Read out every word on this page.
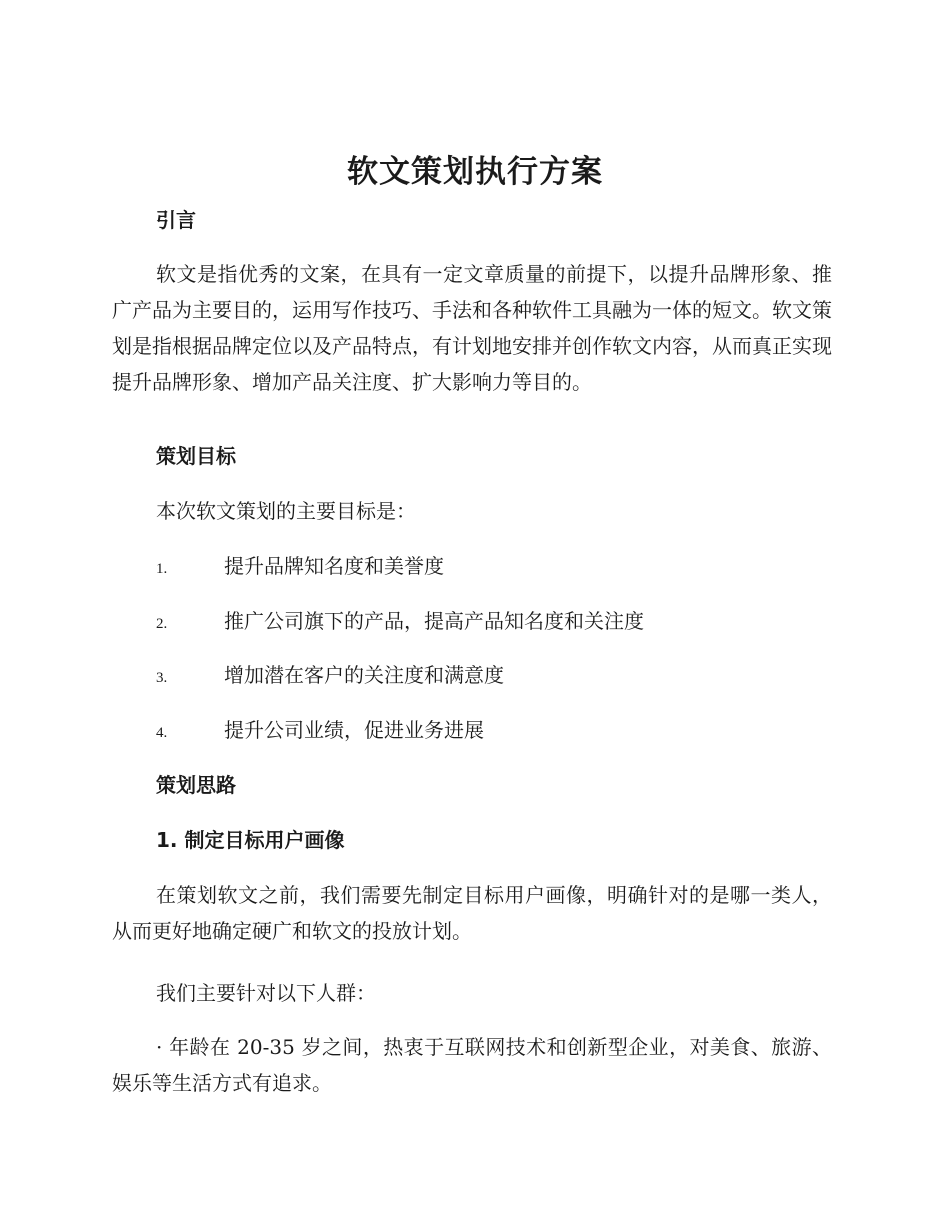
软文策划执行方案
引言
软文是指优秀的文案，在具有一定文章质量的前提下，以提升品牌形象、推广产品为主要目的，运用写作技巧、手法和各种软件工具融为一体的短文。软文策划是指根据品牌定位以及产品特点，有计划地安排并创作软文内容，从而真正实现提升品牌形象、增加产品关注度、扩大影响力等目的。
策划目标
本次软文策划的主要目标是：
1.	提升品牌知名度和美誉度
2.	推广公司旗下的产品，提高产品知名度和关注度
3.	增加潜在客户的关注度和满意度
4.	提升公司业绩，促进业务进展
策划思路
1. 制定目标用户画像
在策划软文之前，我们需要先制定目标用户画像，明确针对的是哪一类人，从而更好地确定硬广和软文的投放计划。
我们主要针对以下人群：
· 年龄在 20-35 岁之间，热衷于互联网技术和创新型企业，对美食、旅游、娱乐等生活方式有追求。
